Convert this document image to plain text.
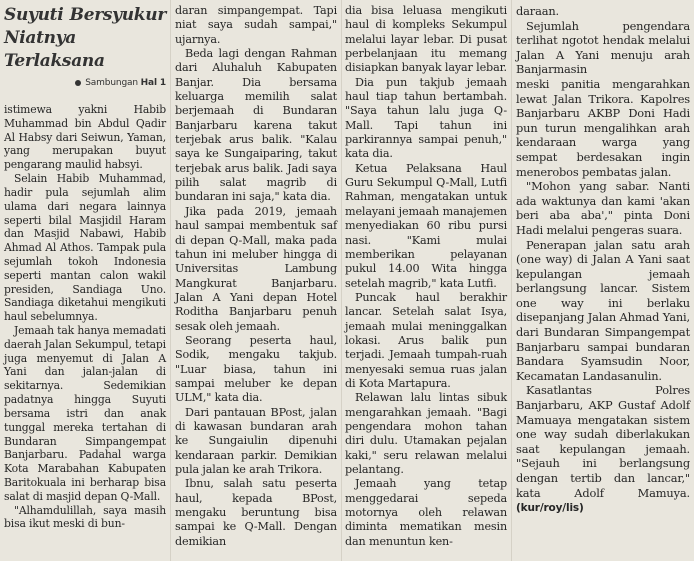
Suyuti Bersyukur Niatnya Terlaksana
Sambungan Hal 1

istimewa yakni Habib Muhammad bin Abdul Qadir Al Habsy dari Seiwun, Yaman, yang merupakan buyut pengarang maulid habsyi.

Selain Habib Muhammad, hadir pula sejumlah alim ulama dari negara lainnya seperti bilal Masjidil Haram dan Masjid Nabawi, Habib Ahmad Al Athos. Tampak pula sejumlah tokoh Indonesia seperti mantan calon wakil presiden, Sandiaga Uno. Sandiaga diketahui mengikuti haul sebelumnya.

Jemaah tak hanya memadati daerah Jalan Sekumpul, tetapi juga menyemut di Jalan A Yani dan jalan-jalan di sekitarnya. Sedemikian padatnya hingga Suyuti bersama istri dan anak tunggal mereka tertahan di Bundaran Simpangempat Banjarbaru. Padahal warga Kota Marabahan Kabupaten Baritokuala ini berharap bisa salat di masjid depan Q-Mall.

"Alhamdulillah, saya masih bisa ikut meski di bun-

daran simpangempat. Tapi niat saya sudah sampai," ujarnya.

Beda lagi dengan Rahman dari Aluhaluh Kabupaten Banjar. Dia bersama keluarga memilih salat berjemaah di Bundaran Banjarbaru karena takut terjebak arus balik. "Kalau saya ke Sungaiparing, takut terjebak arus balik. Jadi saya pilih salat magrib di bundaran ini saja," kata dia.

Jika pada 2019, jemaah haul sampai membentuk saf di depan Q-Mall, maka pada tahun ini meluber hingga di Universitas Lambung Mangkurat Banjarbaru. Jalan A Yani depan Hotel Roditha Banjarbaru penuh sesak oleh jemaah.

Seorang peserta haul, Sodik, mengaku takjub. "Luar biasa, tahun ini sampai meluber ke depan ULM," kata dia.

Dari pantauan BPost, jalan di kawasan bundaran arah ke Sungaiulin dipenuhi kendaraan parkir. Demikian pula jalan ke arah Trikora.

Ibnu, salah satu peserta haul, kepada BPost, mengaku beruntung bisa sampai ke Q-Mall. Dengan demikian

dia bisa leluasa mengikuti haul di kompleks Sekumpul melalui layar lebar. Di pusat perbelanjaan itu memang disiapkan banyak layar lebar.

Dia pun takjub jemaah haul tiap tahun bertambah. "Saya tahun lalu juga Q-Mall. Tapi tahun ini parkirannya sampai penuh," kata dia.

Ketua Pelaksana Haul Guru Sekumpul Q-Mall, Lutfi Rahman, mengatakan untuk melayani jemaah manajemen menyediakan 60 ribu pursi nasi. "Kami mulai memberikan pelayanan pukul 14.00 Wita hingga setelah magrib," kata Lutfi.

Puncak haul berakhir lancar. Setelah salat Isya, jemaah mulai meninggalkan lokasi. Arus balik pun terjadi. Jemaah tumpah-ruah menyesaki semua ruas jalan di Kota Martapura.

Relawan lalu lintas sibuk mengarahkan jemaah. "Bagi pengendara mohon tahan diri dulu. Utamakan pejalan kaki," seru relawan melalui pelantang.

Jemaah yang tetap menggedarai sepeda motornya oleh relawan diminta mematikan mesin dan menuntun ken-

daraan.

Sejumlah pengendara terlihat ngotot hendak melalui Jalan A Yani menuju arah Banjarmasin

meski panitia mengarahkan lewat Jalan Trikora. Kapolres Banjarbaru AKBP Doni Hadi pun turun mengalihkan arah kendaraan warga yang sempat berdesakan ingin menerobos pembatas jalan.

"Mohon yang sabar. Nanti ada waktunya dan kami 'akan beri aba aba'," pinta Doni Hadi melalui pengeras suara.

Penerapan jalan satu arah (one way) di Jalan A Yani saat kepulangan jemaah berlangsung lancar. Sistem one way ini berlaku disepanjang Jalan Ahmad Yani, dari Bundaran Simpangempat Banjarbaru sampai bundaran Bandara Syamsudin Noor, Kecamatan Landasanulin.

Kasatlantas Polres Banjarbaru, AKP Gustaf Adolf Mamuaya mengatakan sistem one way sudah diberlakukan saat kepulangan jemaah. "Sejauh ini berlangsung dengan tertib dan lancar," kata Adolf Mamuya. (kur/roy/lis)
